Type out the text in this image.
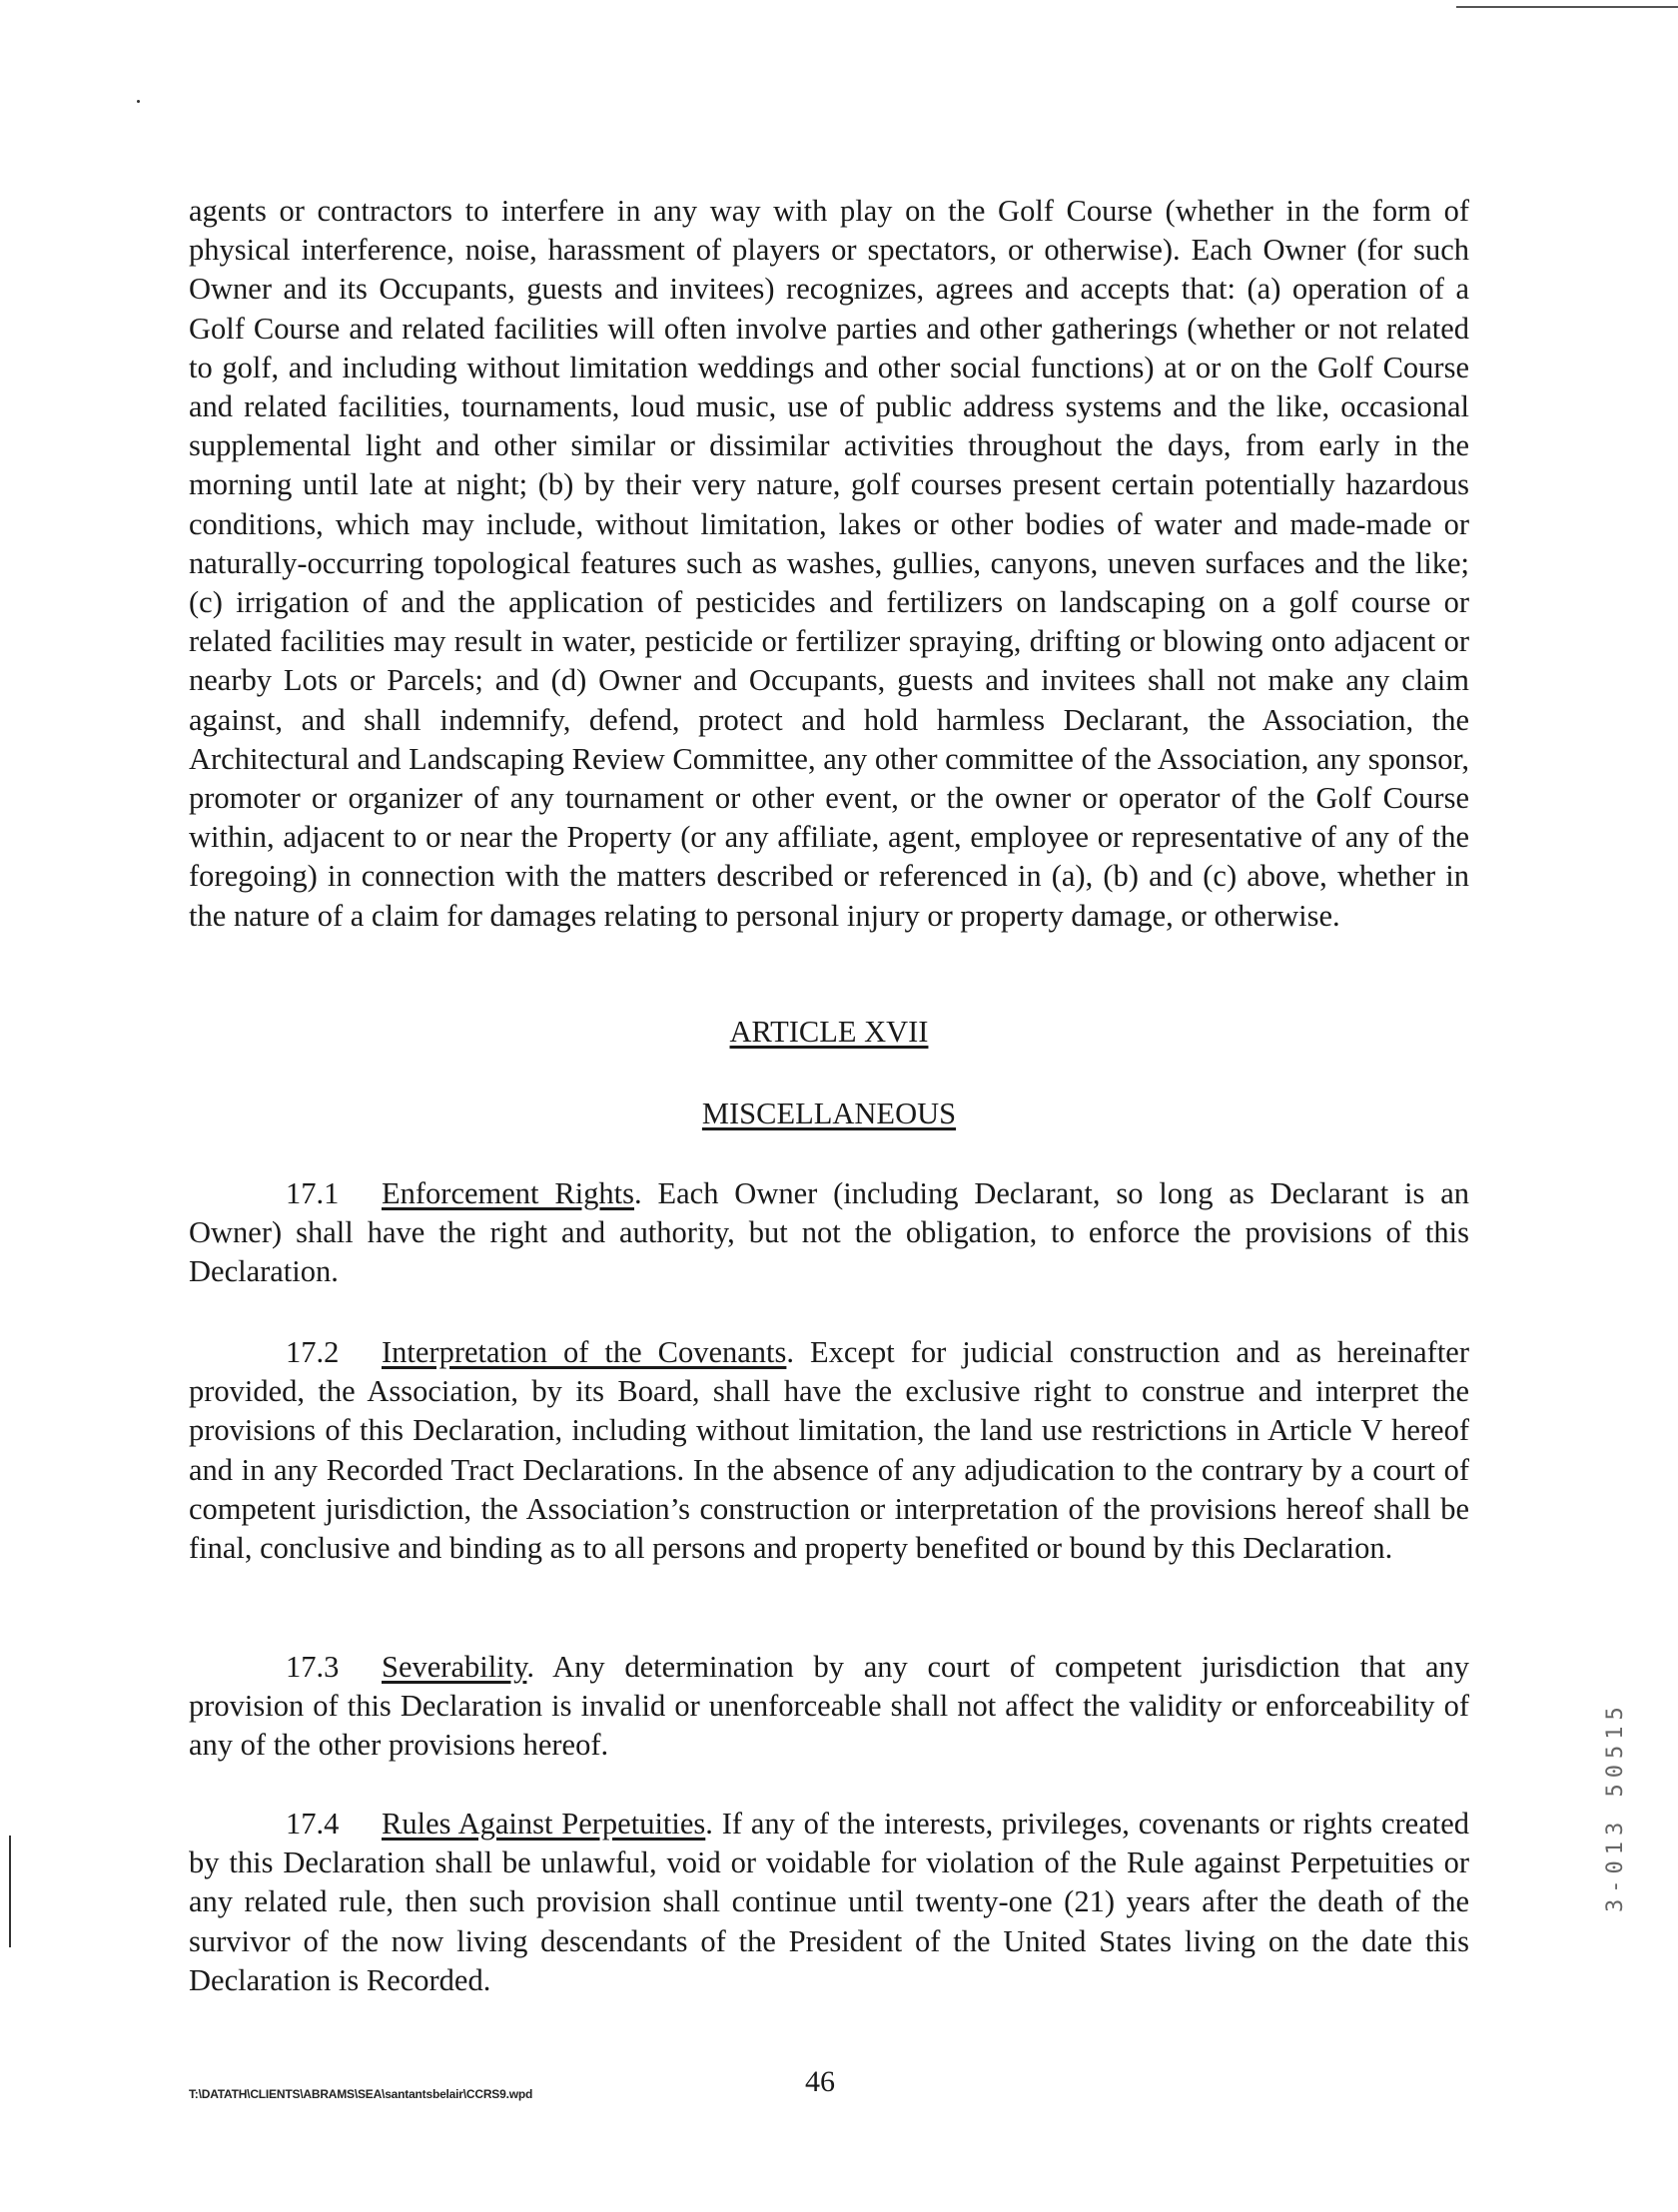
agents or contractors to interfere in any way with play on the Golf Course (whether in the form of physical interference, noise, harassment of players or spectators, or otherwise). Each Owner (for such Owner and its Occupants, guests and invitees) recognizes, agrees and accepts that: (a) operation of a Golf Course and related facilities will often involve parties and other gatherings (whether or not related to golf, and including without limitation weddings and other social functions) at or on the Golf Course and related facilities, tournaments, loud music, use of public address systems and the like, occasional supplemental light and other similar or dissimilar activities throughout the days, from early in the morning until late at night; (b) by their very nature, golf courses present certain potentially hazardous conditions, which may include, without limitation, lakes or other bodies of water and made-made or naturally-occurring topological features such as washes, gullies, canyons, uneven surfaces and the like; (c) irrigation of and the application of pesticides and fertilizers on landscaping on a golf course or related facilities may result in water, pesticide or fertilizer spraying, drifting or blowing onto adjacent or nearby Lots or Parcels; and (d) Owner and Occupants, guests and invitees shall not make any claim against, and shall indemnify, defend, protect and hold harmless Declarant, the Association, the Architectural and Landscaping Review Committee, any other committee of the Association, any sponsor, promoter or organizer of any tournament or other event, or the owner or operator of the Golf Course within, adjacent to or near the Property (or any affiliate, agent, employee or representative of any of the foregoing) in connection with the matters described or referenced in (a), (b) and (c) above, whether in the nature of a claim for damages relating to personal injury or property damage, or otherwise.
ARTICLE XVII
MISCELLANEOUS
17.1 Enforcement Rights. Each Owner (including Declarant, so long as Declarant is an Owner) shall have the right and authority, but not the obligation, to enforce the provisions of this Declaration.
17.2 Interpretation of the Covenants. Except for judicial construction and as hereinafter provided, the Association, by its Board, shall have the exclusive right to construe and interpret the provisions of this Declaration, including without limitation, the land use restrictions in Article V hereof and in any Recorded Tract Declarations. In the absence of any adjudication to the contrary by a court of competent jurisdiction, the Association’s construction or interpretation of the provisions hereof shall be final, conclusive and binding as to all persons and property benefited or bound by this Declaration.
17.3 Severability. Any determination by any court of competent jurisdiction that any provision of this Declaration is invalid or unenforceable shall not affect the validity or enforceability of any of the other provisions hereof.
17.4 Rules Against Perpetuities. If any of the interests, privileges, covenants or rights created by this Declaration shall be unlawful, void or voidable for violation of the Rule against Perpetuities or any related rule, then such provision shall continue until twenty-one (21) years after the death of the survivor of the now living descendants of the President of the United States living on the date this Declaration is Recorded.
T:\DATATH\CLIENTS\ABRAMS\SEA\santantsbelair\CCRS9.wpd	46
3-013 50515
